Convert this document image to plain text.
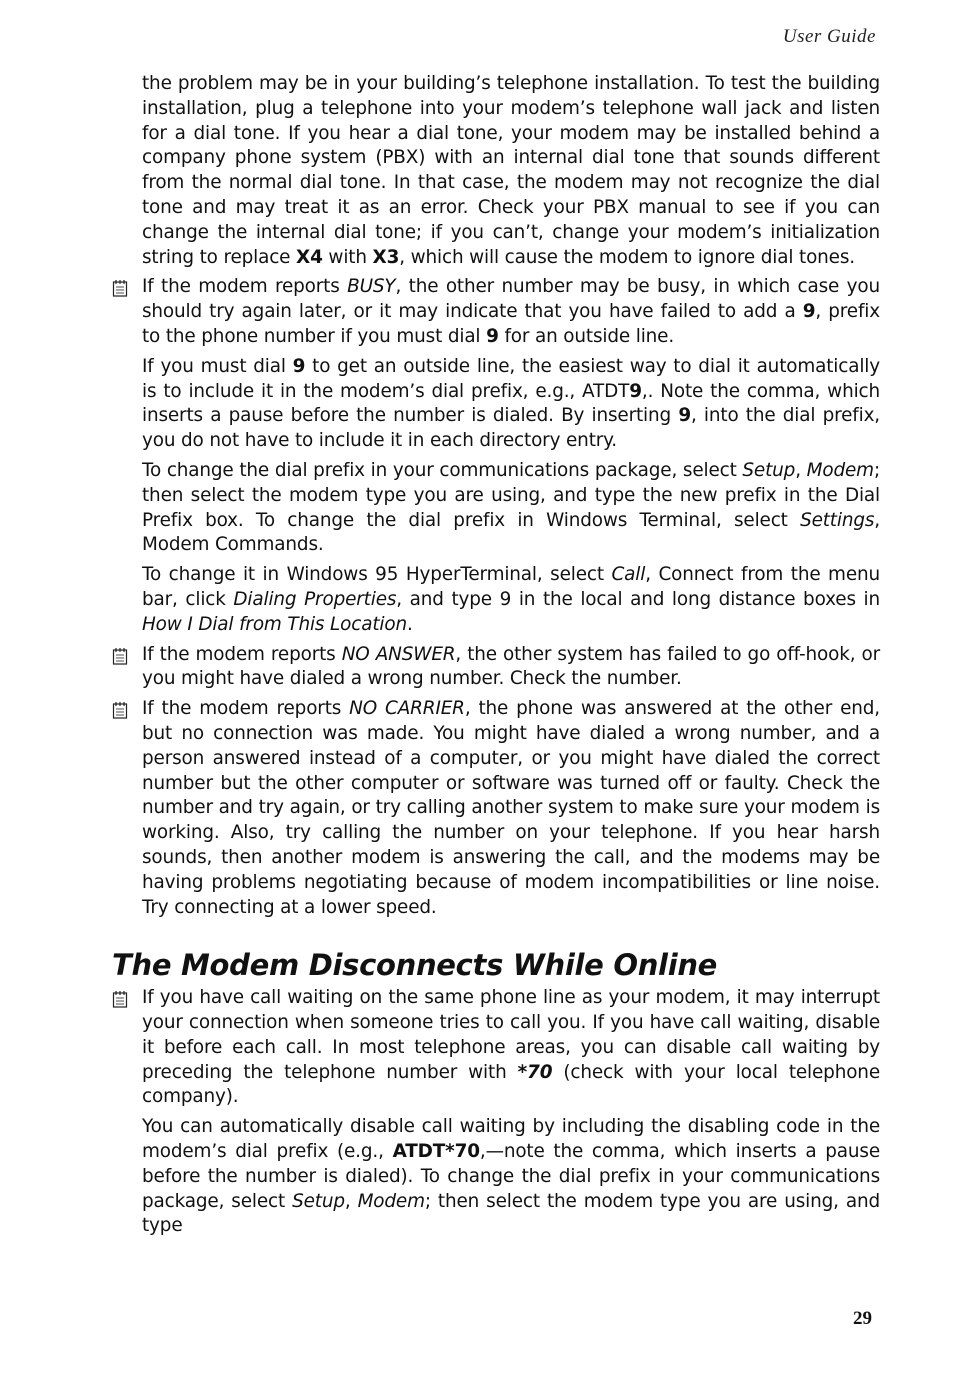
User Guide

the problem may be in your building’s telephone installation. To test the building installation, plug a telephone into your modem’s telephone wall jack and listen for a dial tone. If you hear a dial tone, your modem may be installed behind a company phone system (PBX) with an internal dial tone that sounds different from the normal dial tone. In that case, the modem may not recognize the dial tone and may treat it as an error. Check your PBX manual to see if you can change the internal dial tone; if you can’t, change your modem’s initialization string to replace X4 with X3, which will cause the modem to ignore dial tones.

If the modem reports BUSY, the other number may be busy, in which case you should try again later, or it may indicate that you have failed to add a 9, prefix to the phone number if you must dial 9 for an outside line.

If you must dial 9 to get an outside line, the easiest way to dial it automatically is to include it in the modem’s dial prefix, e.g., ATDT9,. Note the comma, which inserts a pause before the number is dialed. By inserting 9, into the dial prefix, you do not have to include it in each directory entry.

To change the dial prefix in your communications package, select Setup, Modem; then select the modem type you are using, and type the new prefix in the Dial Prefix box. To change the dial prefix in Windows Terminal, select Settings, Modem Commands.

To change it in Windows 95 HyperTerminal, select Call, Connect from the menu bar, click Dialing Properties, and type 9 in the local and long distance boxes in How I Dial from This Location.

If the modem reports NO ANSWER, the other system has failed to go off-hook, or you might have dialed a wrong number. Check the number.

If the modem reports NO CARRIER, the phone was answered at the other end, but no connection was made. You might have dialed a wrong number, and a person answered instead of a computer, or you might have dialed the correct number but the other computer or software was turned off or faulty. Check the number and try again, or try calling another system to make sure your modem is working. Also, try calling the number on your telephone. If you hear harsh sounds, then another modem is answering the call, and the modems may be having problems negotiating because of modem incompatibilities or line noise. Try connecting at a lower speed.

The Modem Disconnects While Online

If you have call waiting on the same phone line as your modem, it may interrupt your connection when someone tries to call you. If you have call waiting, disable it before each call. In most telephone areas, you can disable call waiting by preceding the telephone number with *70 (check with your local telephone company).

You can automatically disable call waiting by including the disabling code in the modem’s dial prefix (e.g., ATDT*70,—note the comma, which inserts a pause before the number is dialed). To change the dial prefix in your communications package, select Setup, Modem; then select the modem type you are using, and type

29
